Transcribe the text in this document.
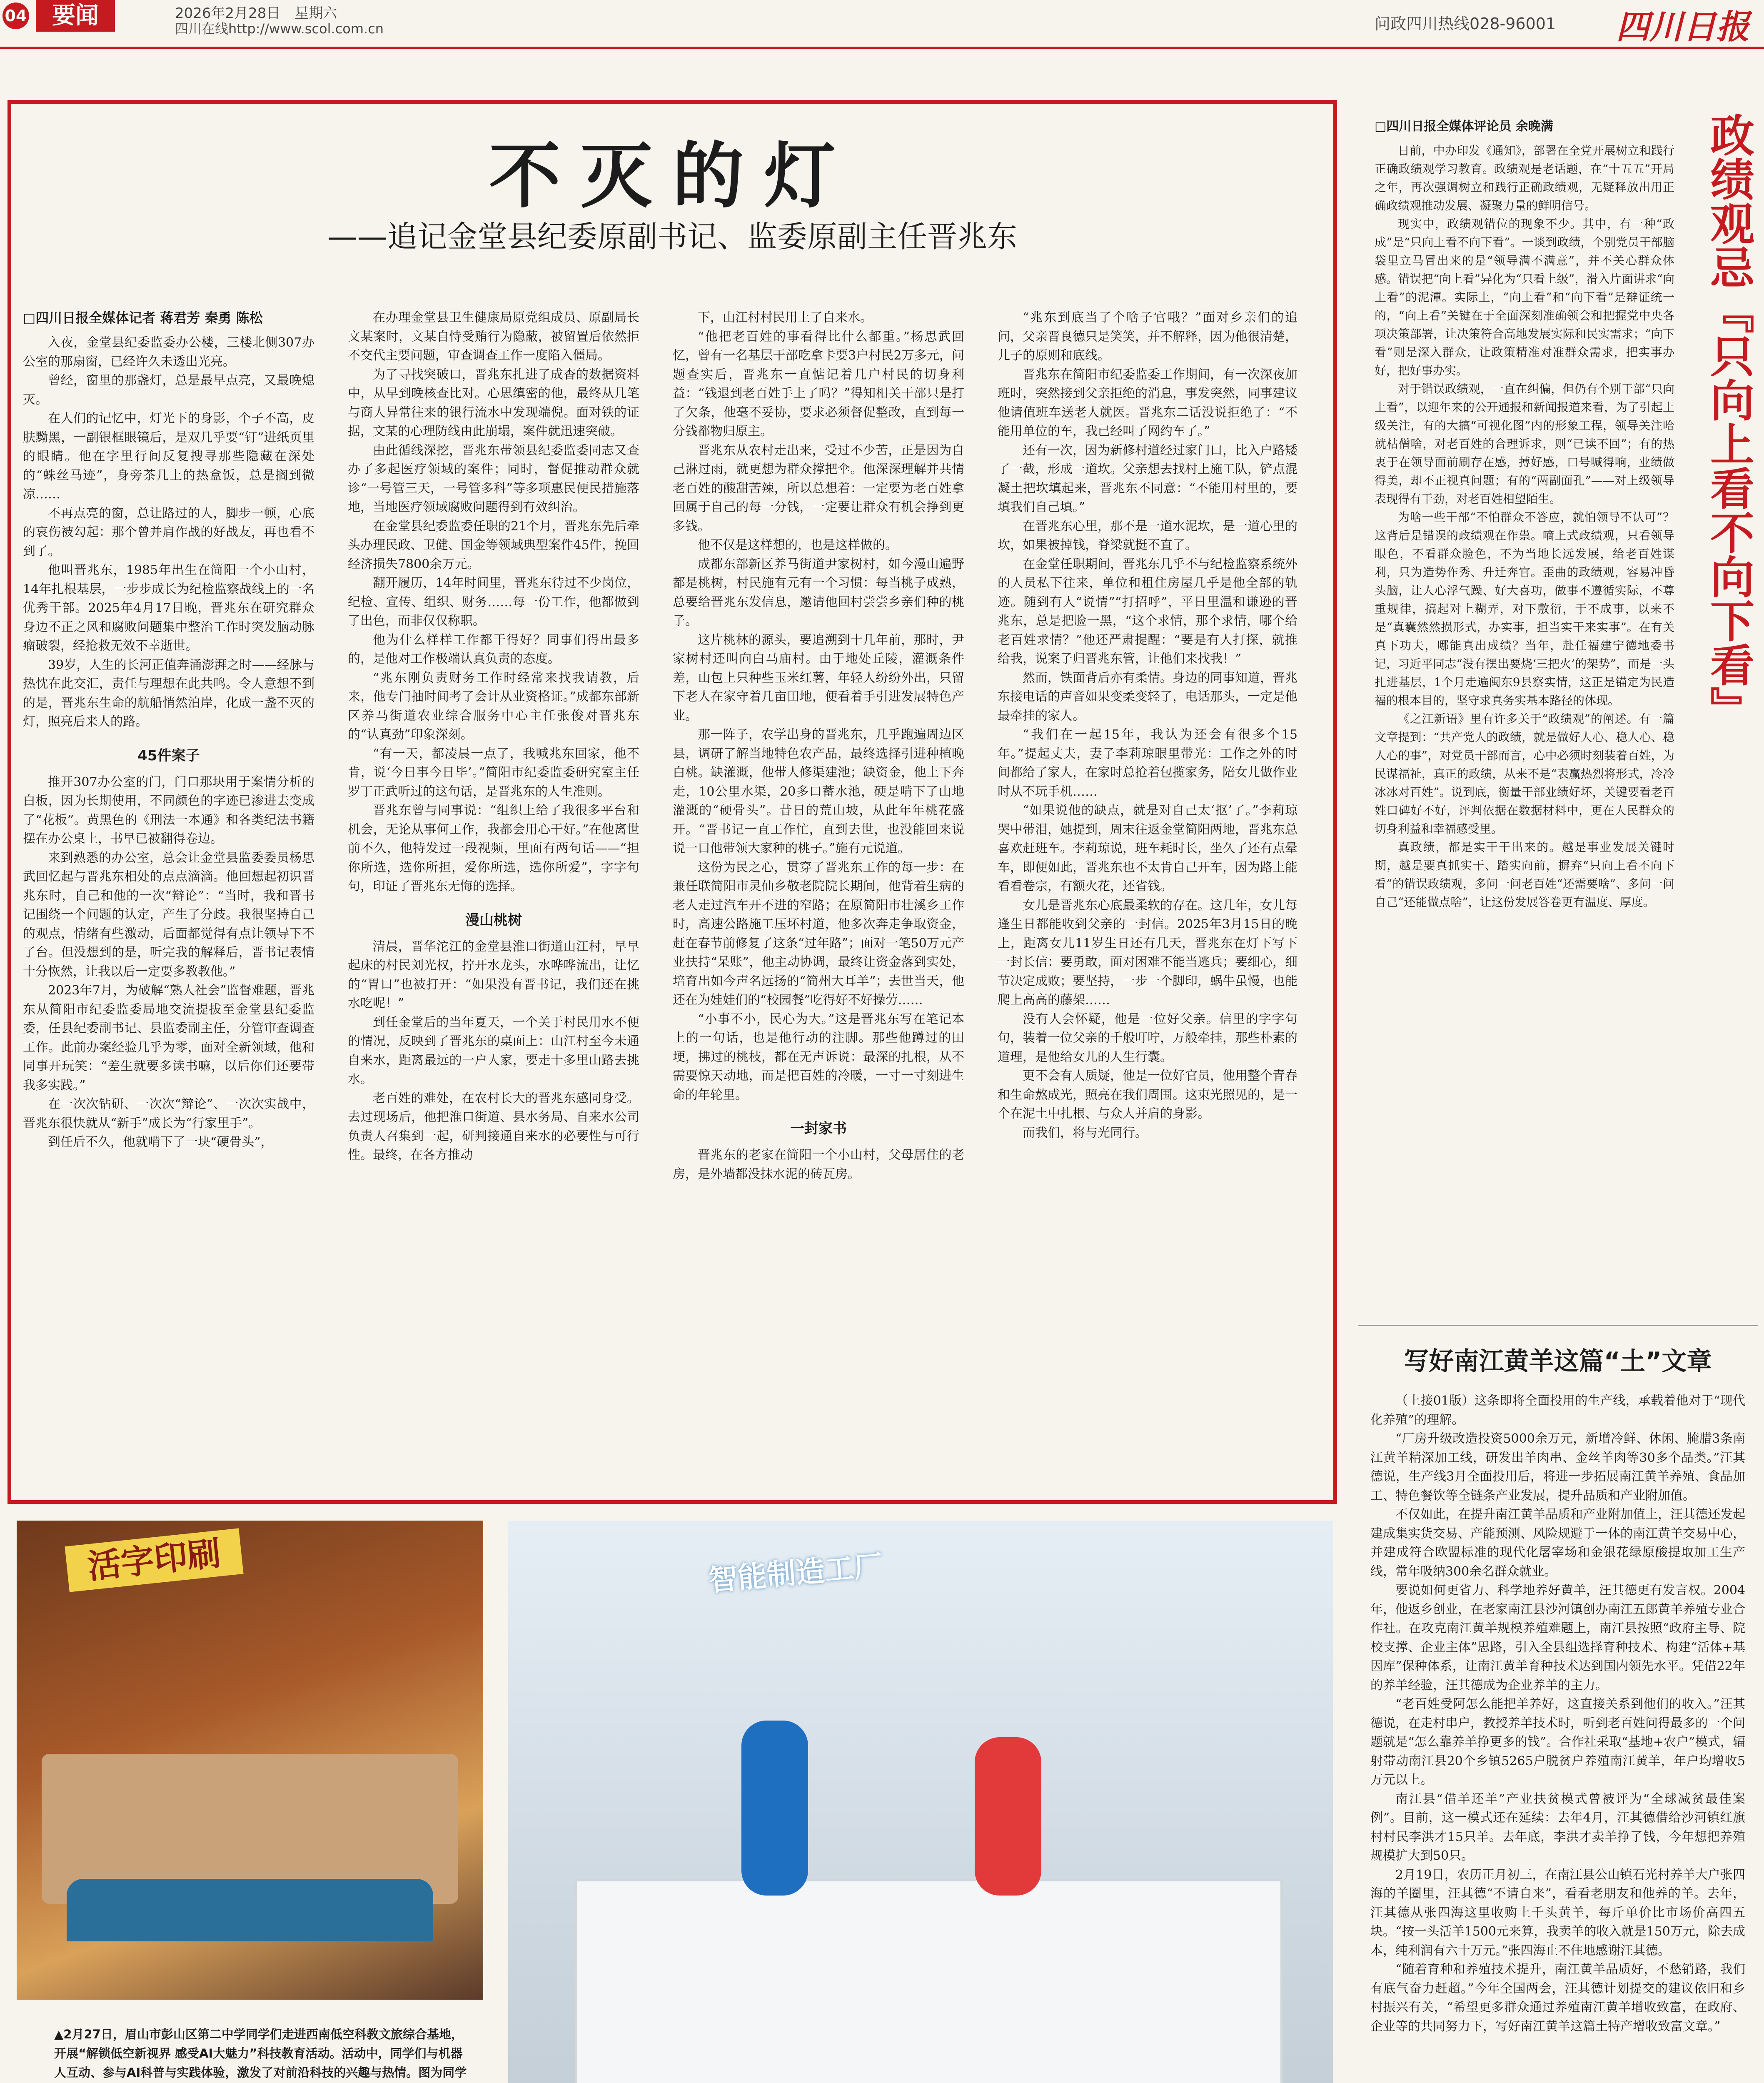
04	要闻	2026年2月28日　星期六
四川在线http://www.scol.com.cn	问政四川热线028-96001 四川日报
不灭的灯
——追记金堂县纪委原副书记、监委原副主任晋兆东
□四川日报全媒体记者 蒋君芳 秦勇 陈松

入夜，金堂县纪委监委办公楼，三楼北侧307办公室的那扇窗，已经许久未透出光亮。

曾经，窗里的那盏灯，总是最早点亮，又最晚熄灭。

在人们的记忆中，灯光下的身影，个子不高，皮肤黝黑，一副银框眼镜后，是双几乎要“钉”进纸页里的眼睛。他在字里行间反复搜寻那些隐藏在深处的“蛛丝马迹”，身旁茶几上的热盒饭，总是搁到微凉……

不再点亮的窗，总让路过的人，脚步一顿，心底的哀伤被勾起：那个曾并肩作战的好战友，再也看不到了。

他叫晋兆东，1985年出生在简阳一个小山村，14年扎根基层，一步步成长为纪检监察战线上的一名优秀干部。2025年4月17日晚，晋兆东在研究群众身边不正之风和腐败问题集中整治工作时突发脑动脉瘤破裂，经抢救无效不幸逝世。

39岁，人生的长河正值奔涌澎湃之时——经脉与热忱在此交汇，责任与理想在此共鸣。令人意想不到的是，晋兆东生命的航船悄然泊岸，化成一盏不灭的灯，照亮后来人的路。

45件案子

推开307办公室的门，门口那块用于案情分析的白板，因为长期使用，不同颜色的字迹已渗进去变成了“花板”。黄黑色的《刑法一本通》和各类纪法书籍摆在办公桌上，书早已被翻得卷边。

来到熟悉的办公室，总会让金堂县监委委员杨思武回忆起与晋兆东相处的点点滴滴。他回想起初识晋兆东时，自己和他的一次“辩论”：“当时，我和晋书记围绕一个问题的认定，产生了分歧。我很坚持自己的观点，情绪有些激动，后面都觉得有点让领导下不了台。但没想到的是，听完我的解释后，晋书记表情十分恢然，让我以后一定要多教教他。”

2023年7月，为破解“熟人社会”监督难题，晋兆东从简阳市纪委监委局地交流提拔至金堂县纪委监委，任县纪委副书记、县监委副主任，分管审查调查工作。此前办案经验几乎为零，面对全新领域，他和同事开玩笑：“差生就要多读书嘛，以后你们还要带我多实践。”

在一次次钻研、一次次“辩论”、一次次实战中，晋兆东很快就从“新手”成长为“行家里手”。

到任后不久，他就啃下了一块“硬骨头”，

在办理金堂县卫生健康局原党组成员、原副局长文某案时，文某自恃受贿行为隐蔽，被留置后依然拒不交代主要问题，审查调查工作一度陷入僵局。

为了寻找突破口，晋兆东扎进了成杳的数据资料中，从早到晚核查比对。心思缜密的他，最终从几笔与商人异常往来的银行流水中发现端倪。面对铁的证据，文某的心理防线由此崩塌，案件就迅速突破。

由此循线深挖，晋兆东带领县纪委监委同志又查办了多起医疗领域的案件；同时，督促推动群众就诊“一号管三天，一号管多科”等多项惠民便民措施落地，当地医疗领域腐败问题得到有效纠治。

在金堂县纪委监委任职的21个月，晋兆东先后牵头办理民政、卫健、国金等领域典型案件45件，挽回经济损失7800余万元。

翻开履历，14年时间里，晋兆东待过不少岗位，纪检、宣传、组织、财务……每一份工作，他都做到了出色，而非仅仅称职。

他为什么样样工作都干得好？同事们得出最多的，是他对工作极端认真负责的态度。

“兆东刚负责财务工作时经常来找我请教，后来，他专门抽时间考了会计从业资格证。”成都东部新区养马街道农业综合服务中心主任张俊对晋兆东的“认真劲”印象深刻。

“有一天，都凌晨一点了，我喊兆东回家，他不肯，说‘今日事今日毕’。”简阳市纪委监委研究室主任罗丁正武听过的这句话，是晋兆东的人生准则。

晋兆东曾与同事说：“组织上给了我很多平台和机会，无论从事何工作，我都会用心干好。”在他离世前不久，他特发过一段视频，里面有两句话——“担你所选，选你所担，爱你所选，选你所爱”，字字句句，印证了晋兆东无悔的选择。

漫山桃树

清晨，晋华沱江的金堂县淮口街道山江村，早早起床的村民刘光权，拧开水龙头，水哗哗流出，让忆的“胃口”也被打开：“如果没有晋书记，我们还在挑水吃呢！”

到任金堂后的当年夏天，一个关于村民用水不便的情况，反映到了晋兆东的桌面上：山江村至今未通自来水，距离最远的一户人家，要走十多里山路去挑水。

老百姓的难处，在农村长大的晋兆东感同身受。去过现场后，他把淮口街道、县水务局、自来水公司负责人召集到一起，研判接通自来水的必要性与可行性。最终，在各方推动

下，山江村村民用上了自来水。

“他把老百姓的事看得比什么都重。”杨思武回忆，曾有一名基层干部吃拿卡要3户村民2万多元，问题查实后，晋兆东一直惦记着几户村民的切身利益：“钱退到老百姓手上了吗？”得知相关干部只是打了欠条，他毫不妥协，要求必须督促整改，直到每一分钱都物归原主。

晋兆东从农村走出来，受过不少苦，正是因为自己淋过雨，就更想为群众撑把伞。他深深理解并共情老百姓的酸甜苦辣，所以总想着：一定要为老百姓拿回属于自己的每一分钱，一定要让群众有机会挣到更多钱。

他不仅是这样想的，也是这样做的。

成都东部新区养马街道尹家树村，如今漫山遍野都是桃树，村民施有元有一个习惯：每当桃子成熟，总要给晋兆东发信息，邀请他回村尝尝乡亲们种的桃子。

这片桃林的源头，要追溯到十几年前，那时，尹家树村还叫向白马庙村。由于地处丘陵，灌溉条件差，山包上只种些玉米红薯，年轻人纷纷外出，只留下老人在家守着几亩田地，便看着手引进发展特色产业。

那一阵子，农学出身的晋兆东，几乎跑遍周边区县，调研了解当地特色农产品，最终选择引进种植晚白桃。缺灌溉，他带人修渠建池；缺资金，他上下奔走，10公里水渠，20多口蓄水池，硬是啃下了山地灌溉的“硬骨头”。昔日的荒山坡，从此年年桃花盛开。“晋书记一直工作忙，直到去世，也没能回来说说一口他带领大家种的桃子。”施有元说道。

这份为民之心，贯穿了晋兆东工作的每一步：在兼任联简阳市灵仙乡敬老院院长期间，他背着生病的老人走过汽车开不进的窄路；在原简阳市壮溪乡工作时，高速公路施工压坏村道，他多次奔走争取资金，赶在春节前修复了这条“过年路”；面对一笔50万元产业扶持“呆账”，他主动协调，最终让资金落到实处，培育出如今声名远扬的“简州大耳羊”；去世当天，他还在为娃娃们的“校园餐”吃得好不好操劳……

“小事不小，民心为大。”这是晋兆东写在笔记本上的一句话，也是他行动的注脚。那些他蹲过的田埂，拂过的桃枝，都在无声诉说：最深的扎根，从不需要惊天动地，而是把百姓的冷暖，一寸一寸刻进生命的年轮里。

一封家书

晋兆东的老家在简阳一个小山村，父母居住的老房，是外墙都没抹水泥的砖瓦房。

“兆东到底当了个啥子官哦？”面对乡亲们的追问，父亲晋良德只是笑笑，并不解释，因为他很清楚，儿子的原则和底线。

晋兆东在简阳市纪委监委工作期间，有一次深夜加班时，突然接到父亲拒绝的消息，事发突然，同事建议他请值班车送老人就医。晋兆东二话没说拒绝了：“不能用单位的车，我已经叫了网约车了。”

还有一次，因为新修村道经过家门口，比入户路矮了一截，形成一道坎。父亲想去找村上施工队，铲点混凝土把坎填起来，晋兆东不同意：“不能用村里的，要填我们自己填。”

在晋兆东心里，那不是一道水泥坎，是一道心里的坎，如果被掉钱，脊梁就挺不直了。

在金堂任职期间，晋兆东几乎不与纪检监察系统外的人员私下往来，单位和租住房屋几乎是他全部的轨迹。随到有人“说情”“打招呼”，平日里温和谦逊的晋兆东，总是把脸一黑，“这个求情，那个求情，哪个给老百姓求情？”他还严肃提醒：“要是有人打探，就推给我，说案子归晋兆东管，让他们来找我！”

然而，铁面背后亦有柔情。身边的同事知道，晋兆东接电话的声音如果变柔变轻了，电话那头，一定是他最牵挂的家人。

“我们在一起15年，我认为还会有很多个15年。”提起丈夫，妻子李莉琼眼里带光：工作之外的时间都给了家人，在家时总抢着包揽家务，陪女儿做作业时从不玩手机……

“如果说他的缺点，就是对自己太‘抠’了。”李莉琼哭中带泪，她提到，周末往返金堂简阳两地，晋兆东总喜欢赶班车。李莉琼说，班车耗时长，坐久了还有点晕车，即便如此，晋兆东也不太肯自己开车，因为路上能看看卷宗，有额火花，还省钱。

女儿是晋兆东心底最柔软的存在。这几年，女儿每逢生日都能收到父亲的一封信。2025年3月15日的晚上，距离女儿11岁生日还有几天，晋兆东在灯下写下一封长信：要勇敢，面对困难不能当逃兵；要细心，细节决定成败；要坚持，一步一个脚印，蜗牛虽慢，也能爬上高高的藤架……

没有人会怀疑，他是一位好父亲。信里的字字句句，装着一位父亲的千般叮咛，万般牵挂，那些朴素的道理，是他给女儿的人生行囊。

更不会有人质疑，他是一位好官员，他用整个青春和生命熬成光，照亮在我们周围。这束光照见的，是一个在泥土中扎根、与众人并肩的身影。

而我们，将与光同行。

□四川日报全媒体评论员 余晚满	政绩观忌『只向上看不向下看』

日前，中办印发《通知》，部署在全党开展树立和践行正确政绩观学习教育。政绩观是老话题，在“十五五”开局之年，再次强调树立和践行正确政绩观，无疑释放出用正确政绩观推动发展、凝聚力量的鲜明信号。

现实中，政绩观错位的现象不少。其中，有一种“政成”是“只向上看不向下看”。一谈到政绩，个别党员干部脑袋里立马冒出来的是“领导满不满意”，并不关心群众体感。错误把“向上看”异化为“只看上级”，滑入片面讲求“向上看”的泥潭。实际上，“向上看”和“向下看”是辩证统一的，“向上看”关键在于全面深刻准确领会和把握党中央各项决策部署，让决策符合高地发展实际和民实需求；“向下看”则是深入群众，让政策精准对准群众需求，把实事办好，把好事办实。

对于错误政绩观，一直在纠偏，但仍有个别干部“只向上看”，以迎年来的公开通报和新闻报道来看，为了引起上级关注，有的大搞“可视化图”内的形象工程，领导关注哈就枯僧啥，对老百姓的合理诉求，则“已读不回”；有的热衷于在领导面前刷存在感，搏好感，口号喊得响，业绩做得美，却不正视真问题；有的“两副面孔”——对上级领导表现得有干劲，对老百姓相望陌生。

为啥一些干部“不怕群众不答应，就怕领导不认可”？这背后是错误的政绩观在作祟。嘀上式政绩观，只看领导眼色，不看群众脸色，不为当地长远发展，给老百姓谋利，只为造势作秀、升迁奔官。歪曲的政绩观，容易冲昏头脑，让人心浮气躁、好大喜功，做事不遵循实际，不尊重规律，搞起对上糊弄，对下敷衍，于不成事，以来不是“真囊然然损形式，办实事，担当实干来实事”。在有关真下功夫，哪能真出成绩？当年，赴任福建宁德地委书记，习近平同志“没有摆出要烧‘三把火’的架势”，而是一头扎进基层，1个月走遍闽东9县察实情，这正是锚定为民造福的根本目的，坚守求真务实基本路径的体现。

《之江新语》里有许多关于“政绩观”的阐述。有一篇文章提到：“共产党人的政绩，就是做好人心、稳人心、稳人心的事”，对党员干部而言，心中必须时刻装着百姓，为民谋福祉，真正的政绩，从来不是“表赢热烈将形式，冷冷冰冰对百姓”。说到底，衡量干部业绩好坏，关键要看老百姓口碑好不好，评判依据在数据材料中，更在人民群众的切身利益和幸福感受里。

真政绩，都是实干干出来的。越是事业发展关键时期，越是要真抓实干、踏实向前，摒弃“只向上看不向下看”的错误政绩观，多问一问老百姓“还需要啥”、多问一问自己“还能做点啥”，让这份发展答卷更有温度、厚度。

写好南江黄羊这篇“土”文章

（上接01版）这条即将全面投用的生产线，承载着他对于“现代化养殖”的理解。

“厂房升级改造投资5000余万元，新增冷鲜、休闲、腌腊3条南江黄羊精深加工线，研发出羊肉串、金丝羊肉等30多个品类。”汪其德说，生产线3月全面投用后，将进一步拓展南江黄羊养殖、食品加工、特色餐饮等全链条产业发展，提升品质和产业附加值。

不仅如此，在提升南江黄羊品质和产业附加值上，汪其德还发起建成集实货交易、产能预测、风险规避于一体的南江黄羊交易中心，并建成符合欧盟标准的现代化屠宰场和金银花绿原酸提取加工生产线，常年吸纳300余名群众就业。

要说如何更省力、科学地养好黄羊，汪其德更有发言权。2004年，他返乡创业，在老家南江县沙河镇创办南江五郎黄羊养殖专业合作社。在攻克南江黄羊规模养殖难题上，南江县按照“政府主导、院校支撑、企业主体”思路，引入全县组选择育种技术、构建“活体+基因库”保种体系，让南江黄羊育种技术达到国内领先水平。凭借22年的养羊经验，汪其德成为企业养羊的主力。

“老百姓受阿怎么能把羊养好，这直接关系到他们的收入。”汪其德说，在走村串户，教授养羊技术时，听到老百姓问得最多的一个问题就是“怎么靠养羊挣更多的钱”。合作社采取“基地+农户”模式，辐射带动南江县20个乡镇5265户脱贫户养殖南江黄羊，年户均增收5万元以上。

南江县“借羊还羊”产业扶贫模式曾被评为“全球减贫最佳案例”。目前，这一模式还在延续：去年4月，汪其德借给沙河镇红旗村村民李洪才15只羊。去年底，李洪才卖羊挣了钱，今年想把养殖规模扩大到50只。

2月19日，农历正月初三，在南江县公山镇石光村养羊大户张四海的羊圈里，汪其德“不请自来”，看看老朋友和他养的羊。去年，汪其德从张四海这里收购上千头黄羊，每斤单价比市场价高四五块。“按一头活羊1500元来算，我卖羊的收入就是150万元，除去成本，纯利润有六十万元。”张四海止不住地感谢汪其德。

“随着育种和养殖技术提升，南江黄羊品质好，不愁销路，我们有底气奋力赶超。”今年全国两会，汪其德计划提交的建议依旧和乡村振兴有关，“希望更多群众通过养殖南江黄羊增收致富，在政府、企业等的共同努力下，写好南江黄羊这篇土特产增收致富文章。”

活字印刷	智能制造工厂
▲2月27日，眉山市彭山区第二中学同学们走进西南低空科教文旅综合基地，开展“解锁低空新视界 感受AI大魅力”科技教育活动。活动中，同学们与机器人互动、参与AI科普与实践体验，激发了对前沿科技的兴趣与热情。图为同学
